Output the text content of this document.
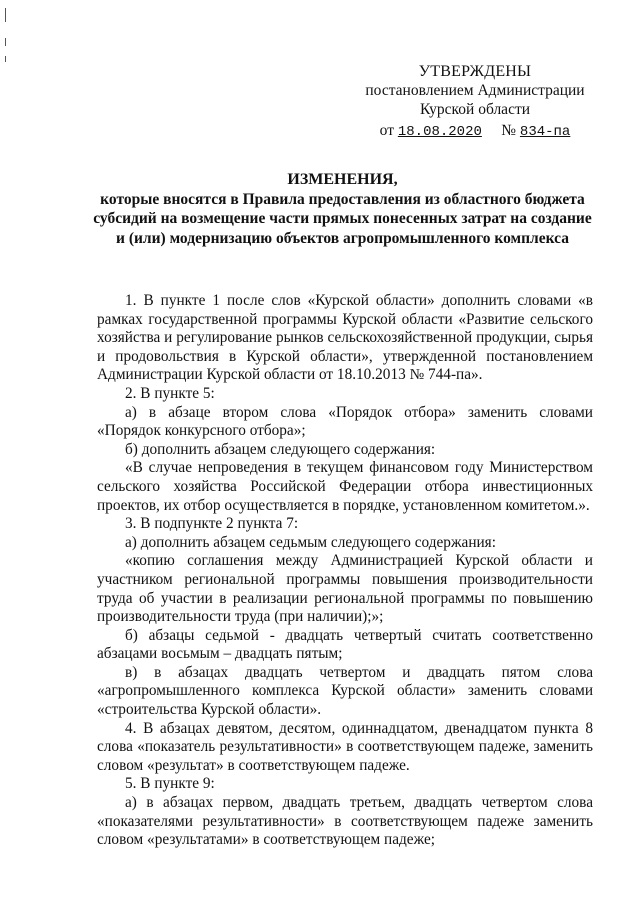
УТВЕРЖДЕНЫ
постановлением Администрации
Курской области
от 18.08.2020 № 834-па
ИЗМЕНЕНИЯ,
которые вносятся в Правила предоставления из областного бюджета субсидий на возмещение части прямых понесенных затрат на создание и (или) модернизацию объектов агропромышленного комплекса

1. В пункте 1 после слов «Курской области» дополнить словами «в рамках государственной программы Курской области «Развитие сельского хозяйства и регулирование рынков сельскохозяйственной продукции, сырья и продовольствия в Курской области», утвержденной постановлением Администрации Курской области от 18.10.2013 № 744-па».

2. В пункте 5:

а) в абзаце втором слова «Порядок отбора» заменить словами «Порядок конкурсного отбора»;

б) дополнить абзацем следующего содержания:

«В случае непроведения в текущем финансовом году Министерством сельского хозяйства Российской Федерации отбора инвестиционных проектов, их отбор осуществляется в порядке, установленном комитетом.».

3. В подпункте 2 пункта 7:

а) дополнить абзацем седьмым следующего содержания:

«копию соглашения между Администрацией Курской области и участником региональной программы повышения производительности труда об участии в реализации региональной программы по повышению производительности труда (при наличии);»;

б) абзацы седьмой - двадцать четвертый считать соответственно абзацами восьмым – двадцать пятым;

в) в абзацах двадцать четвертом и двадцать пятом слова «агропромышленного комплекса Курской области» заменить словами «строительства Курской области».

4. В абзацах девятом, десятом, одиннадцатом, двенадцатом пункта 8 слова «показатель результативности» в соответствующем падеже, заменить словом «результат» в соответствующем падеже.

5. В пункте 9:

а) в абзацах первом, двадцать третьем, двадцать четвертом слова «показателями результативности» в соответствующем падеже заменить словом «результатами» в соответствующем падеже;
